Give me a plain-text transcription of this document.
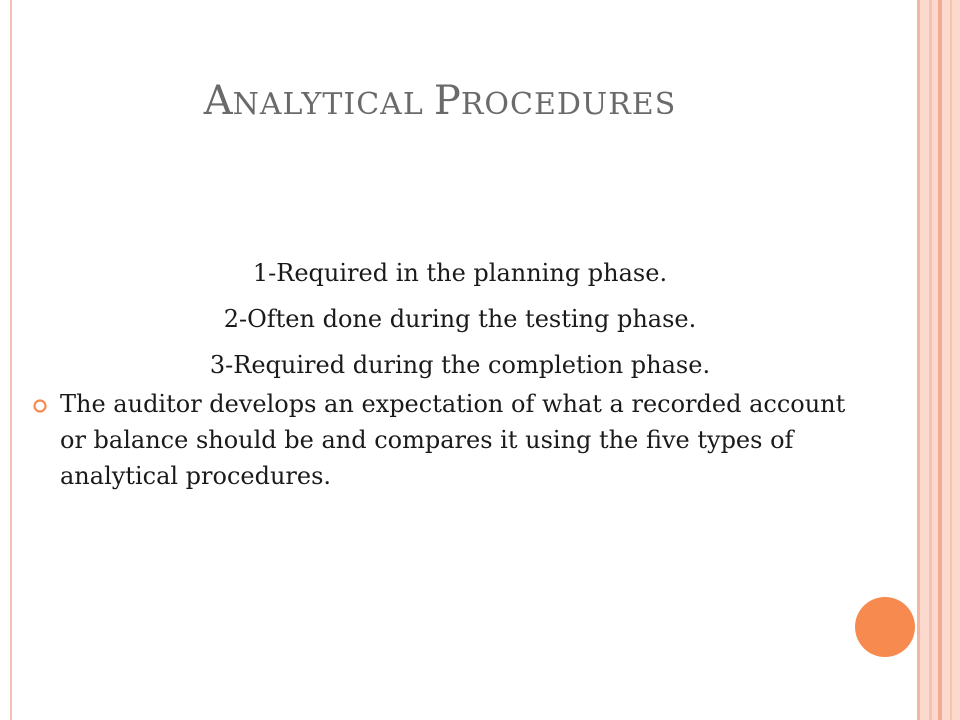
ANALYTICAL PROCEDURES
1-Required in the planning phase.
2-Often done during the testing phase.
3-Required during the completion phase.
The auditor develops an expectation of what a recorded account or balance should be and compares it using the five types of analytical procedures.
